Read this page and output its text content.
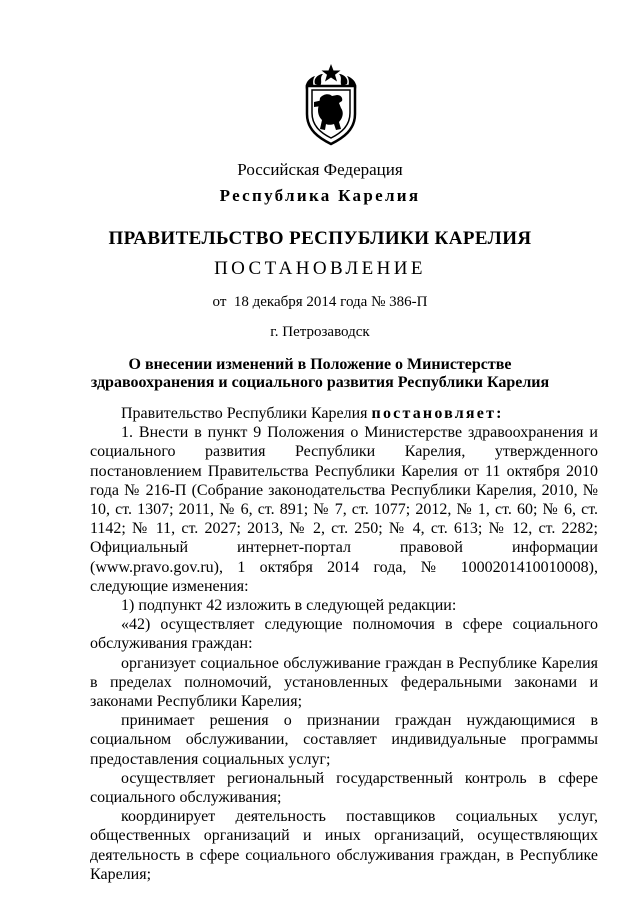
Российская Федерация
Республика Карелия
ПРАВИТЕЛЬСТВО РЕСПУБЛИКИ КАРЕЛИЯ
ПОСТАНОВЛЕНИЕ
от  18 декабря 2014 года № 386-П
г. Петрозаводск
О внесении изменений в Положение о Министерстве
здравоохранения и социального развития Республики Карелия

Правительство Республики Карелия постановляет:

1. Внести в пункт 9 Положения о Министерстве здравоохранения и социального развития Республики Карелия, утвержденного постановлением Правительства Республики Карелия от 11 октября 2010 года № 216-П (Собрание законодательства Республики Карелия, 2010, № 10, ст. 1307; 2011, № 6, ст. 891; № 7, ст. 1077; 2012, № 1, ст. 60; № 6, ст. 1142; № 11, ст. 2027; 2013, № 2, ст. 250; № 4, ст. 613; № 12, ст. 2282; Официальный интернет-портал правовой информации (www.pravo.gov.ru), 1 октября 2014 года, № 1000201410010008), следующие изменения:

1) подпункт 42 изложить в следующей редакции:

«42) осуществляет следующие полномочия в сфере социального обслуживания граждан:

организует социальное обслуживание граждан в Республике Карелия в пределах полномочий, установленных федеральными законами и законами Республики Карелия;

принимает решения о признании граждан нуждающимися в социальном обслуживании, составляет индивидуальные программы предоставления социальных услуг;

осуществляет региональный государственный контроль в сфере социального обслуживания;

координирует деятельность поставщиков социальных услуг, общественных организаций и иных организаций, осуществляющих деятельность в сфере социального обслуживания граждан, в Республике Карелия;
